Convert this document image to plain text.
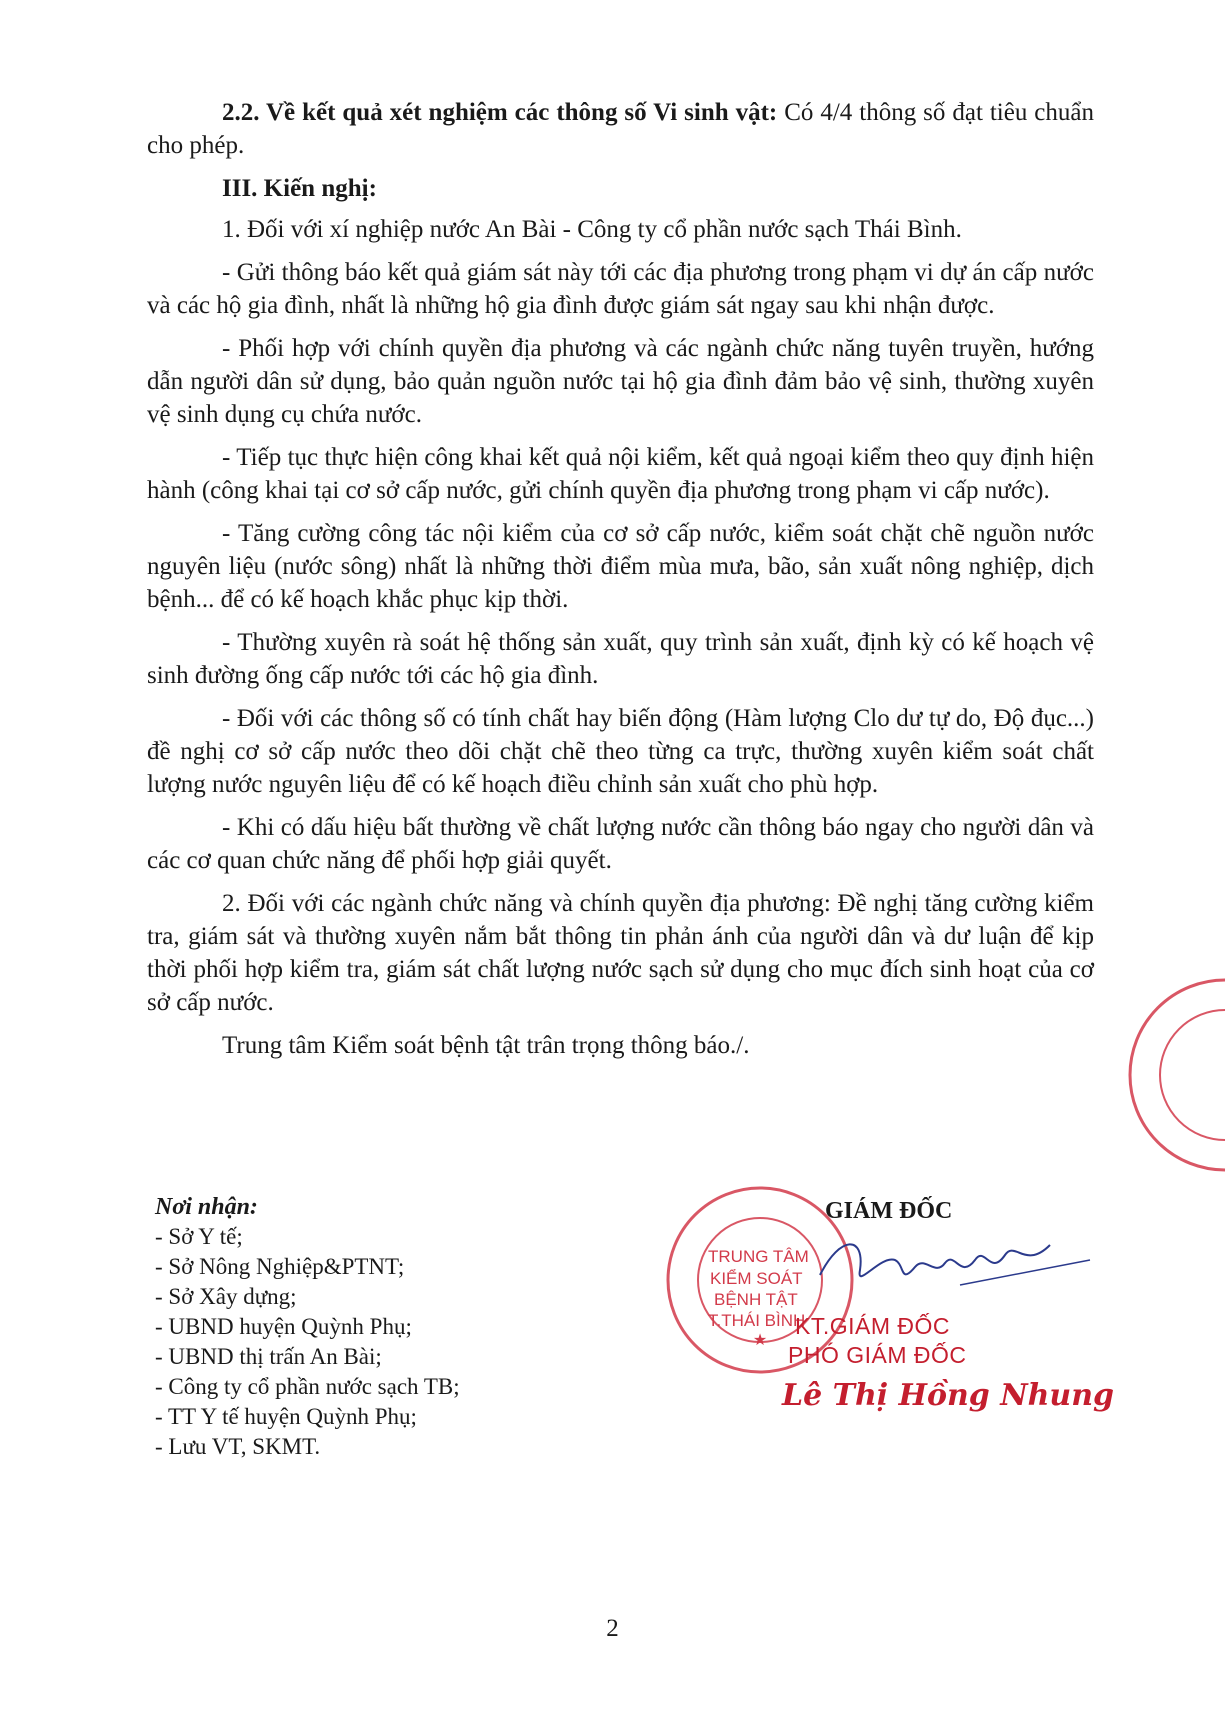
2.2. Về kết quả xét nghiệm các thông số Vi sinh vật: Có 4/4 thông số đạt tiêu chuẩn cho phép.

III. Kiến nghị:

1. Đối với xí nghiệp nước An Bài - Công ty cổ phần nước sạch Thái Bình.

- Gửi thông báo kết quả giám sát này tới các địa phương trong phạm vi dự án cấp nước và các hộ gia đình, nhất là những hộ gia đình được giám sát ngay sau khi nhận được.

- Phối hợp với chính quyền địa phương và các ngành chức năng tuyên truyền, hướng dẫn người dân sử dụng, bảo quản nguồn nước tại hộ gia đình đảm bảo vệ sinh, thường xuyên vệ sinh dụng cụ chứa nước.

- Tiếp tục thực hiện công khai kết quả nội kiểm, kết quả ngoại kiểm theo quy định hiện hành (công khai tại cơ sở cấp nước, gửi chính quyền địa phương trong phạm vi cấp nước).

- Tăng cường công tác nội kiểm của cơ sở cấp nước, kiểm soát chặt chẽ nguồn nước nguyên liệu (nước sông) nhất là những thời điểm mùa mưa, bão, sản xuất nông nghiệp, dịch bệnh... để có kế hoạch khắc phục kịp thời.

- Thường xuyên rà soát hệ thống sản xuất, quy trình sản xuất, định kỳ có kế hoạch vệ sinh đường ống cấp nước tới các hộ gia đình.

- Đối với các thông số có tính chất hay biến động (Hàm lượng Clo dư tự do, Độ đục...) đề nghị cơ sở cấp nước theo dõi chặt chẽ theo từng ca trực, thường xuyên kiểm soát chất lượng nước nguyên liệu để có kế hoạch điều chỉnh sản xuất cho phù hợp.

- Khi có dấu hiệu bất thường về chất lượng nước cần thông báo ngay cho người dân và các cơ quan chức năng để phối hợp giải quyết.

2. Đối với các ngành chức năng và chính quyền địa phương: Đề nghị tăng cường kiểm tra, giám sát và thường xuyên nắm bắt thông tin phản ánh của người dân và dư luận để kịp thời phối hợp kiểm tra, giám sát chất lượng nước sạch sử dụng cho mục đích sinh hoạt của cơ sở cấp nước.

Trung tâm Kiểm soát bệnh tật trân trọng thông báo./.

Nơi nhận:
- Sở Y tế;
- Sở Nông Nghiệp&PTNT;
- Sở Xây dựng;
- UBND huyện Quỳnh Phụ;
- UBND thị trấn An Bài;
- Công ty cổ phần nước sạch TB;
- TT Y tế huyện Quỳnh Phụ;
- Lưu VT, SKMT.
★
TRUNG TÂM
KIỂM SOÁT
BỆNH TẬT
T.THÁI BÌNH
GIÁM ĐỐC
KT.GIÁM ĐỐC
PHÓ GIÁM ĐỐC
Lê Thị Hồng Nhung
2
